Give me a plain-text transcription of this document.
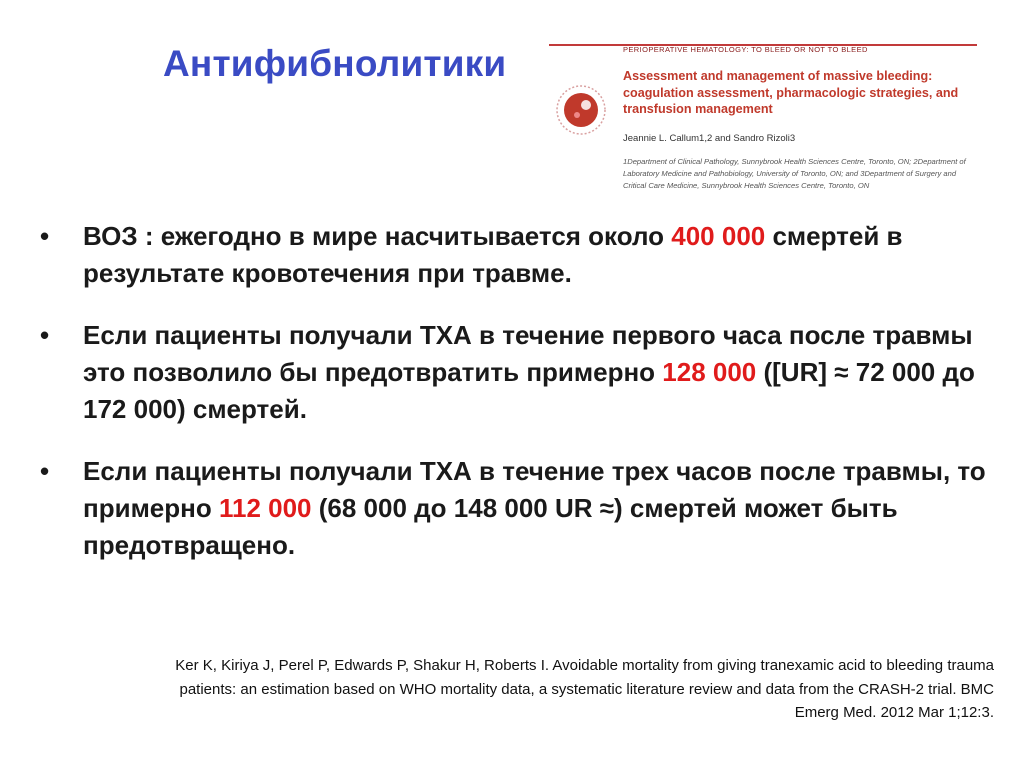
Антифибнолитики	PERIOPERATIVE HEMATOLOGY: TO BLEED OR NOT TO BLEED
Assessment and management of massive bleeding: coagulation assessment, pharmacologic strategies, and transfusion management
Jeannie L. Callum1,2 and Sandro Rizoli3
1Department of Clinical Pathology, Sunnybrook Health Sciences Centre, Toronto, ON; 2Department of Laboratory Medicine and Pathobiology, University of Toronto, ON; and 3Department of Surgery and Critical Care Medicine, Sunnybrook Health Sciences Centre, Toronto, ON
• ВОЗ : ежегодно в мире насчитывается около 400 000 смертей в результате кровотечения при травме.
• Если пациенты получали ТХА в течение первого часа после травмы это позволило бы предотвратить примерно 128 000 ([UR] ≈ 72 000 до 172 000) смертей.
• Если пациенты получали ТХА в течение трех часов после травмы, то примерно 112 000 (68 000 до 148 000 UR ≈) смертей может быть предотвращено.
Ker K, Kiriya J, Perel P, Edwards P, Shakur H, Roberts I. Avoidable mortality from giving tranexamic acid to bleeding trauma patients: an estimation based on WHO mortality data, a systematic literature review and data from the CRASH-2 trial. BMC Emerg Med. 2012 Mar 1;12:3.
